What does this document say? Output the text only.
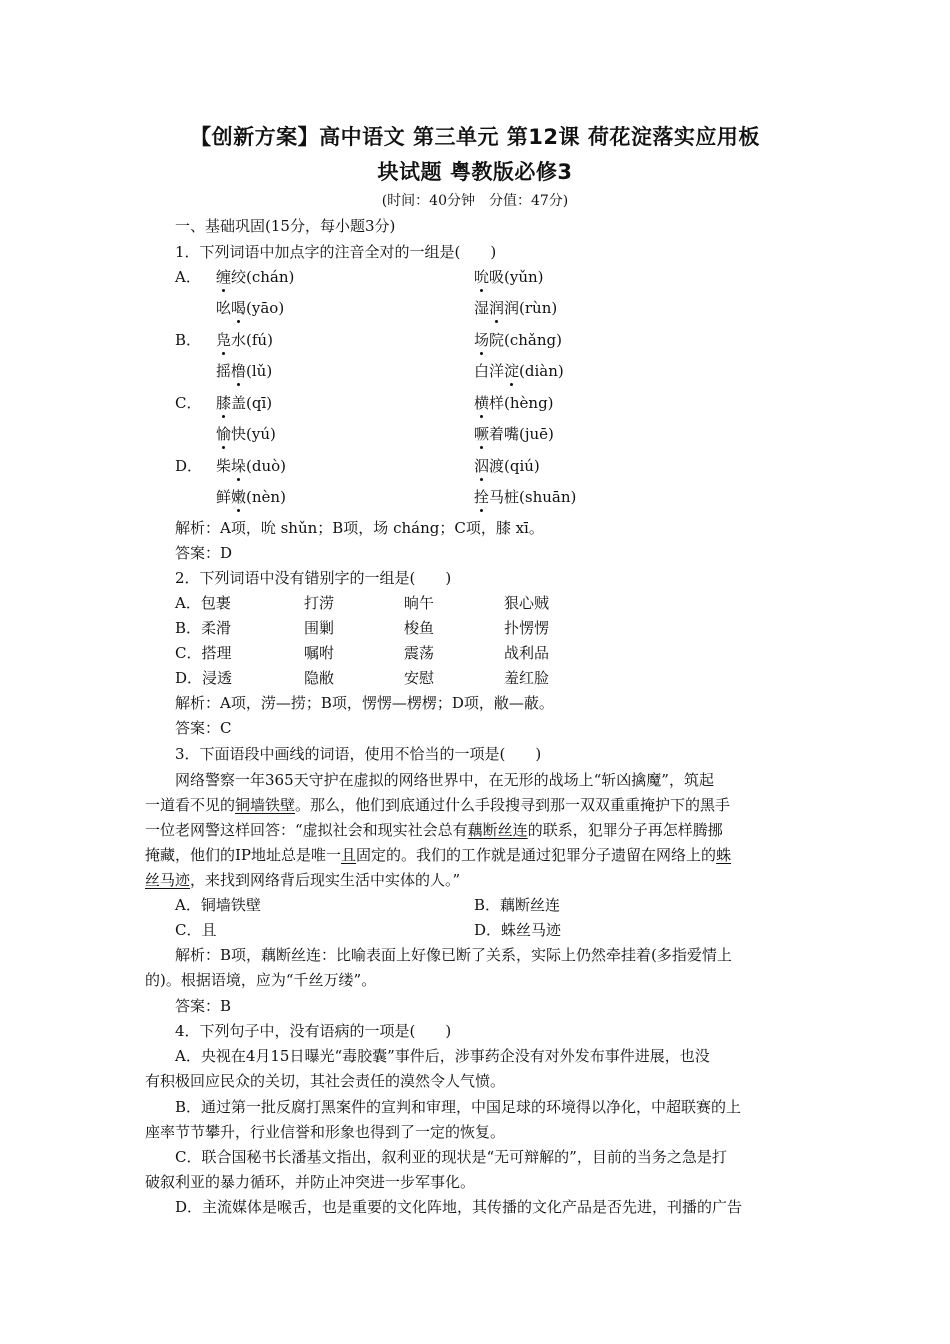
【创新方案】高中语文 第三单元 第12课 荷花淀落实应用板
块试题 粤教版必修3
(时间：40分钟　分值：47分)
一、基础巩固(15分，每小题3分)
1．下列词语中加点字的注音全对的一组是(　　)
A． 缠绞(chán)	吮吸(yǔn)
吆喝(yāo)	湿润润(rùn)
B． 凫水(fú)	场院(chǎng)
摇橹(lǔ)	白洋淀(diàn)
C． 膝盖(qī)	横样(hèng)
愉快(yú)	噘着嘴(juē)
D． 柴垛(duò)	泅渡(qiú)
鲜嫩(nèn)	拴马桩(shuān)
解析：A项，吮 shǔn；B项，场 cháng；C项，膝 xī。
答案：D
2．下列词语中没有错别字的一组是(　　)
A．包裹	打涝	晌午	狠心贼
B．柔滑	围剿	梭鱼	扑愣愣
C．搭理	嘱咐	震荡	战利品
D．浸透	隐敝	安慰	羞红脸
解析：A项，涝—捞；B项，愣愣—楞楞；D项，敝—蔽。
答案：C
3．下面语段中画线的词语，使用不恰当的一项是(　　)
网络警察一年365天守护在虚拟的网络世界中，在无形的战场上“斩凶擒魔”，筑起
一道看不见的铜墙铁壁。那么，他们到底通过什么手段搜寻到那一双双重重掩护下的黑手
一位老网警这样回答：“虚拟社会和现实社会总有藕断丝连的联系，犯罪分子再怎样腾挪
掩藏，他们的IP地址总是唯一且固定的。我们的工作就是通过犯罪分子遗留在网络上的蛛
丝马迹，来找到网络背后现实生活中实体的人。”
A．铜墙铁壁	B．藕断丝连
C．且	D．蛛丝马迹
解析：B项，藕断丝连：比喻表面上好像已断了关系，实际上仍然牵挂着(多指爱情上
的)。根据语境，应为“千丝万缕”。
答案：B
4．下列句子中，没有语病的一项是(　　)
A．央视在4月15日曝光“毒胶囊”事件后，涉事药企没有对外发布事件进展，也没
有积极回应民众的关切，其社会责任的漠然令人气愤。
B．通过第一批反腐打黑案件的宣判和审理，中国足球的环境得以净化，中超联赛的上
座率节节攀升，行业信誉和形象也得到了一定的恢复。
C．联合国秘书长潘基文指出，叙利亚的现状是“无可辩解的”，目前的当务之急是打
破叙利亚的暴力循环，并防止冲突进一步军事化。
D．主流媒体是喉舌，也是重要的文化阵地，其传播的文化产品是否先进，刊播的广告
